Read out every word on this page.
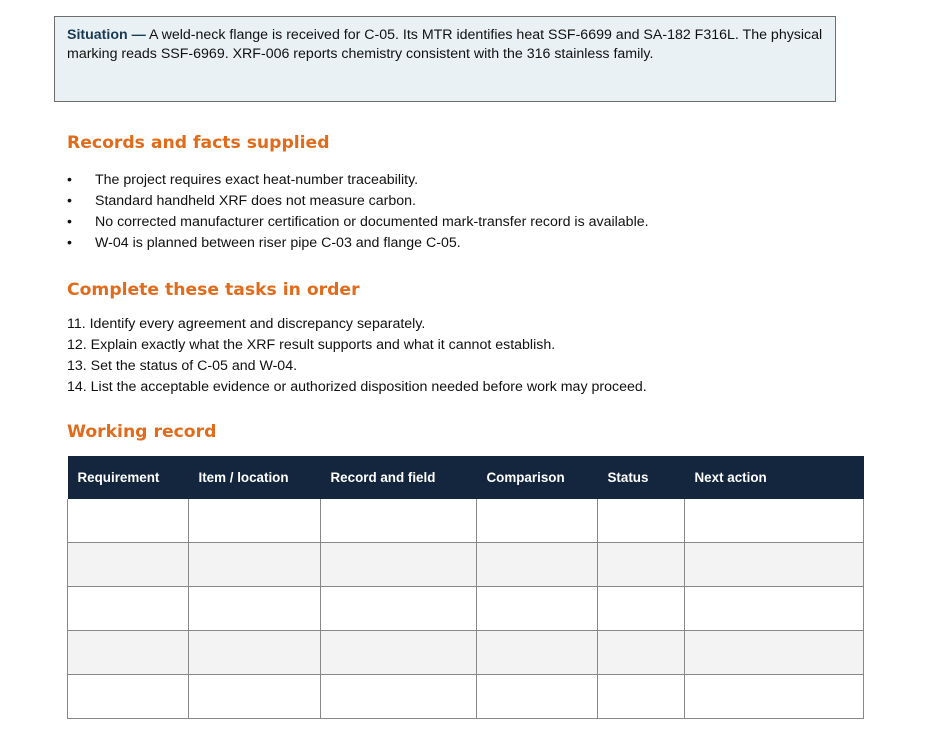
Situation — A weld-neck flange is received for C-05. Its MTR identifies heat SSF-6699 and SA-182 F316L. The physical marking reads SSF-6969. XRF-006 reports chemistry consistent with the 316 stainless family.
Records and facts supplied
• The project requires exact heat-number traceability.
• Standard handheld XRF does not measure carbon.
• No corrected manufacturer certification or documented mark-transfer record is available.
• W-04 is planned between riser pipe C-03 and flange C-05.
Complete these tasks in order
11. Identify every agreement and discrepancy separately.
12. Explain exactly what the XRF result supports and what it cannot establish.
13. Set the status of C-05 and W-04.
14. List the acceptable evidence or authorized disposition needed before work may proceed.
Working record
Requirement	Item / location	Record and field	Comparison	Status	Next action
